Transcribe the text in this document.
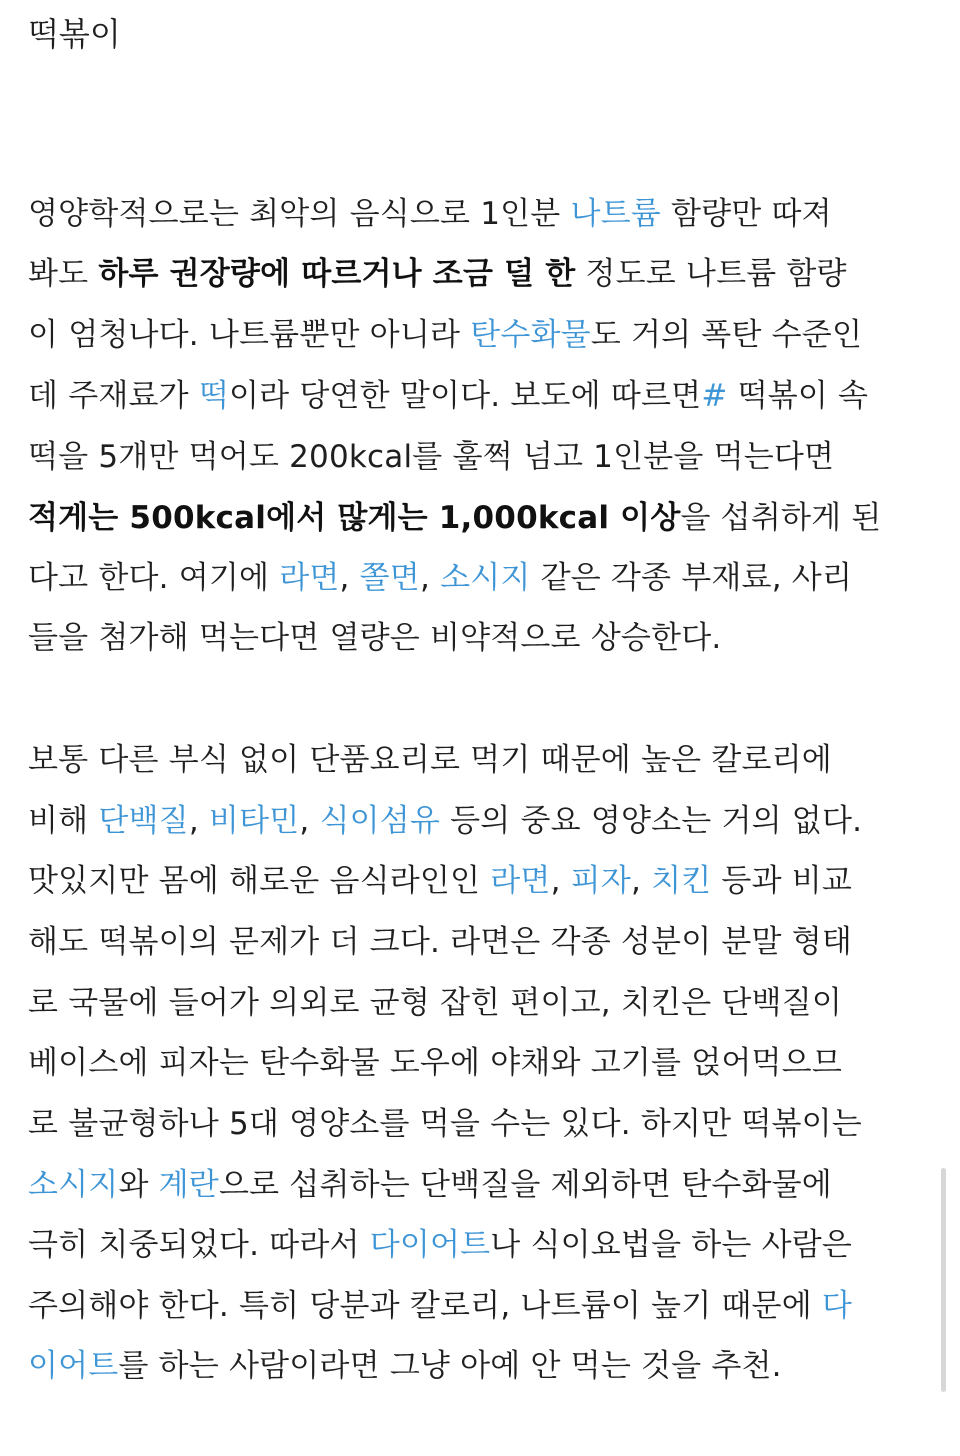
떡볶이
영양학적으로는 최악의 음식으로 1인분 나트륨 함량만 따져
봐도 하루 권장량에 따르거나 조금 덜 한 정도로 나트륨 함량
이 엄청나다. 나트륨뿐만 아니라 탄수화물도 거의 폭탄 수준인
데 주재료가 떡이라 당연한 말이다. 보도에 따르면# 떡볶이 속
떡을 5개만 먹어도 200kcal를 훌쩍 넘고 1인분을 먹는다면
적게는 500kcal에서 많게는 1,000kcal 이상을 섭취하게 된
다고 한다. 여기에 라면, 쫄면, 소시지 같은 각종 부재료, 사리
들을 첨가해 먹는다면 열량은 비약적으로 상승한다.
보통 다른 부식 없이 단품요리로 먹기 때문에 높은 칼로리에
비해 단백질, 비타민, 식이섬유 등의 중요 영양소는 거의 없다.
맛있지만 몸에 해로운 음식라인인 라면, 피자, 치킨 등과 비교
해도 떡볶이의 문제가 더 크다. 라면은 각종 성분이 분말 형태
로 국물에 들어가 의외로 균형 잡힌 편이고, 치킨은 단백질이
베이스에 피자는 탄수화물 도우에 야채와 고기를 얹어먹으므
로 불균형하나 5대 영양소를 먹을 수는 있다. 하지만 떡볶이는
소시지와 계란으로 섭취하는 단백질을 제외하면 탄수화물에
극히 치중되었다. 따라서 다이어트나 식이요법을 하는 사람은
주의해야 한다. 특히 당분과 칼로리, 나트륨이 높기 때문에 다
이어트를 하는 사람이라면 그냥 아예 안 먹는 것을 추천.
